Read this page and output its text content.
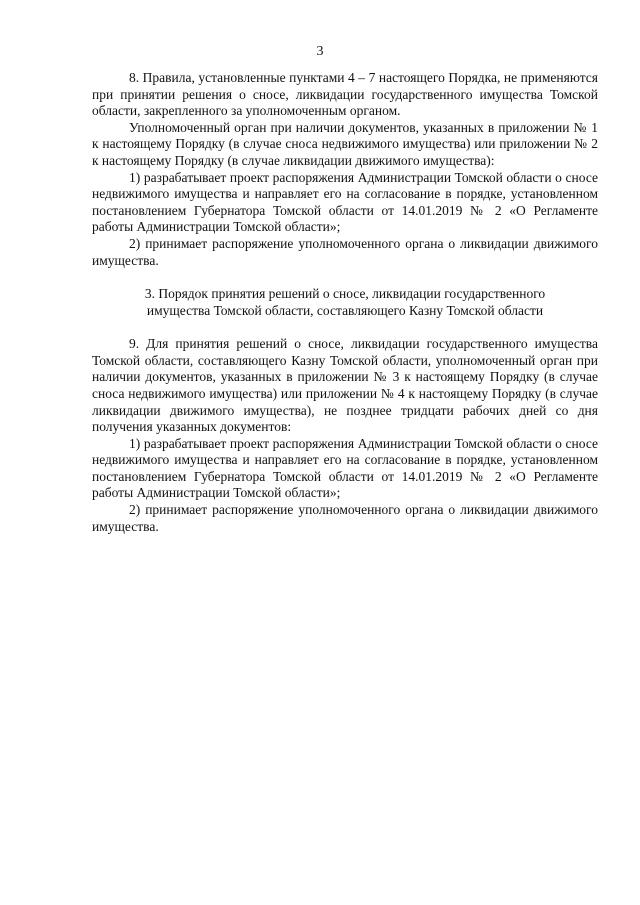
3

8. Правила, установленные пунктами 4 – 7 настоящего Порядка, не применяются при принятии решения о сносе, ликвидации государственного имущества Томской области, закрепленного за уполномоченным органом.

Уполномоченный орган при наличии документов, указанных в приложении № 1 к настоящему Порядку (в случае сноса недвижимого имущества) или приложении № 2 к настоящему Порядку (в случае ликвидации движимого имущества):

1) разрабатывает проект распоряжения Администрации Томской области о сносе недвижимого имущества и направляет его на согласование в порядке, установленном постановлением Губернатора Томской области от 14.01.2019 № 2 «О Регламенте работы Администрации Томской области»;

2) принимает распоряжение уполномоченного органа о ликвидации движимого имущества.

3. Порядок принятия решений о сносе, ликвидации государственного
имущества Томской области, составляющего Казну Томской области

9. Для принятия решений о сносе, ликвидации государственного имущества Томской области, составляющего Казну Томской области, уполномоченный орган при наличии документов, указанных в приложении № 3 к настоящему Порядку (в случае сноса недвижимого имущества) или приложении № 4 к настоящему Порядку (в случае ликвидации движимого имущества), не позднее тридцати рабочих дней со дня получения указанных документов:

1) разрабатывает проект распоряжения Администрации Томской области о сносе недвижимого имущества и направляет его на согласование в порядке, установленном постановлением Губернатора Томской области от 14.01.2019 № 2 «О Регламенте работы Администрации Томской области»;

2) принимает распоряжение уполномоченного органа о ликвидации движимого имущества.
